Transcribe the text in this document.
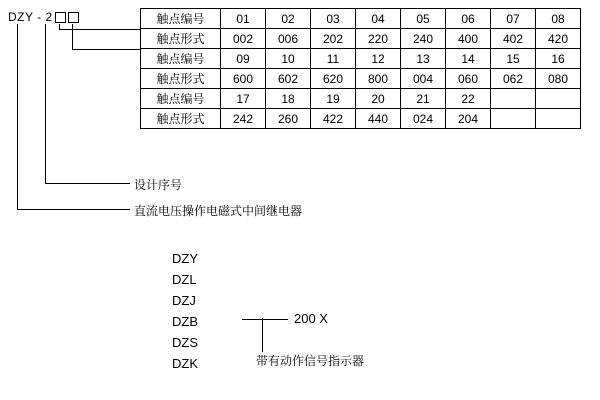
DZY - 2	触点编号	01	02	03	04	05	06	07	08
触点形式	002	006	202	220	240	400	402	420
触点编号	09	10	11	12	13	14	15	16
触点形式	600	602	620	800	004	060	062	080
触点编号	17	18	19	20	21	22		
触点形式	242	260	422	440	024	204		
设计序号
直流电压操作电磁式中间继电器
DZY
DZL
DZJ
DZB
DZS
DZK
200 X
带有动作信号指示器
